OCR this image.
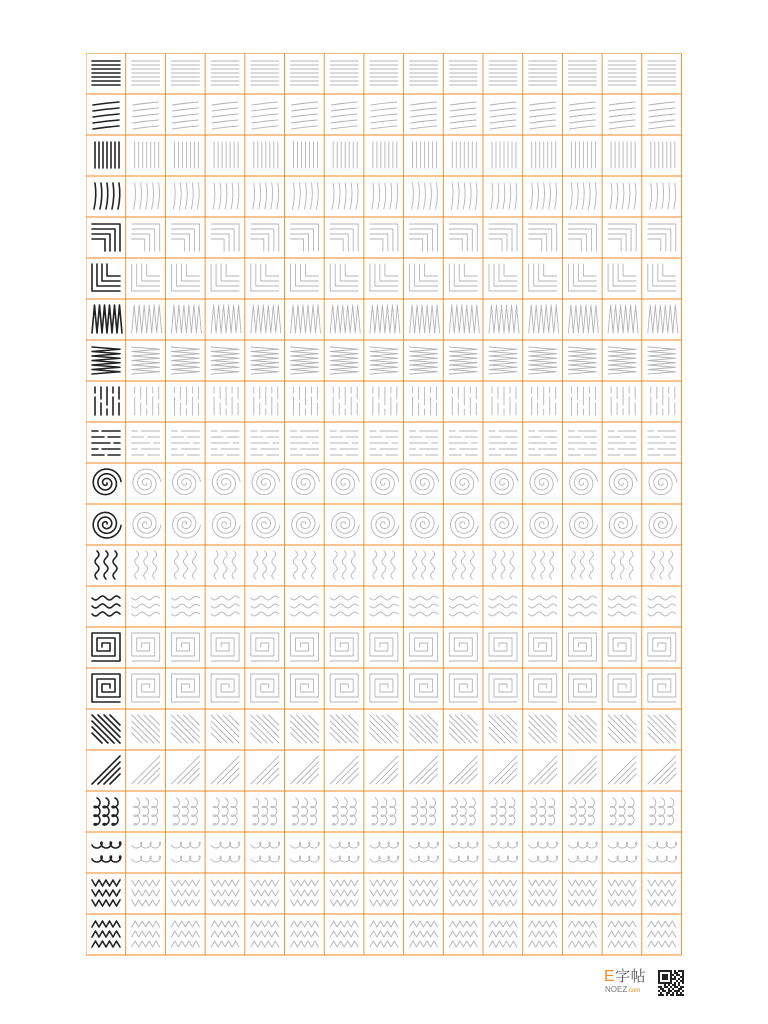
E字帖
NOEZ.com
